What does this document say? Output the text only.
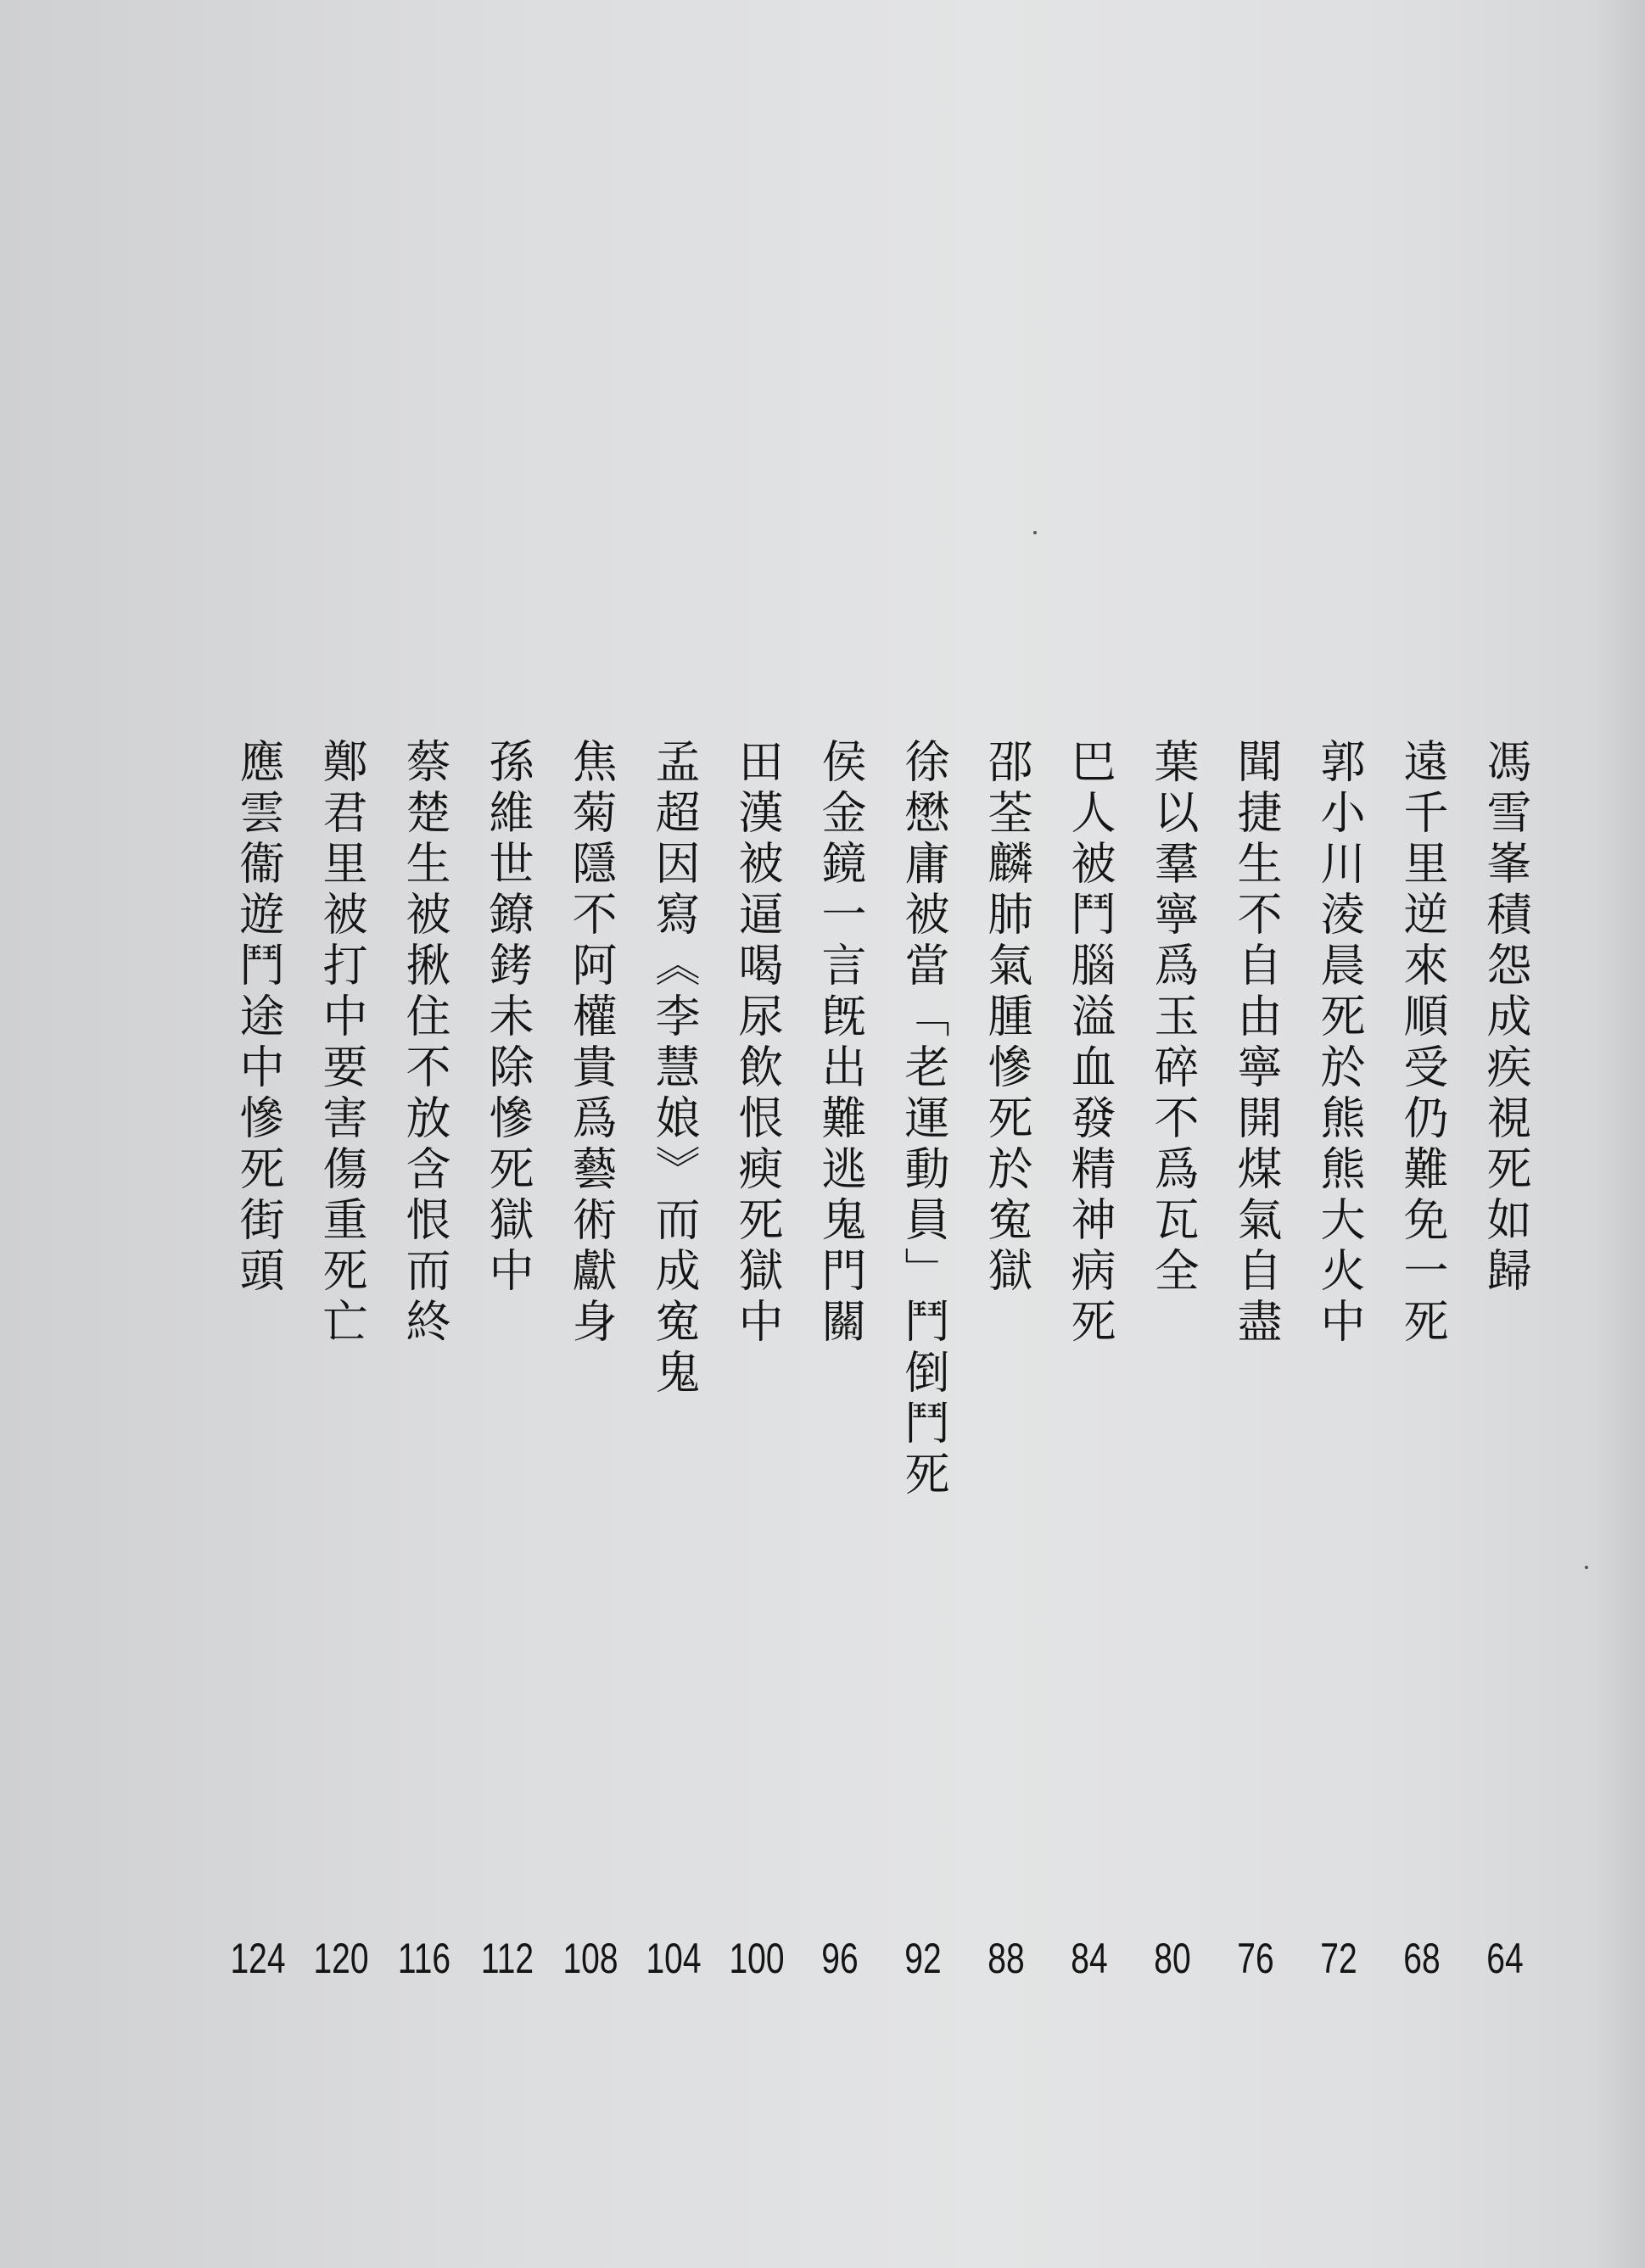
馮雪峯積怨成疾視死如歸
64
遠千里逆來順受仍難免一死
68
郭小川淩晨死於熊熊大火中
72
聞捷生不自由寧開煤氣自盡
76
葉以羣寧爲玉碎不爲瓦全
80
巴人被鬥腦溢血發精神病死
84
邵荃麟肺氣腫慘死於寃獄
88
徐懋庸被當「老運動員」鬥倒鬥死
92
侯金鏡一言旣出難逃鬼門關
96
田漢被逼喝尿飲恨瘐死獄中
100
孟超因寫《李慧娘》而成寃鬼
104
焦菊隱不阿權貴爲藝術獻身
108
孫維世鐐銬未除慘死獄中
112
蔡楚生被揪住不放含恨而終
116
鄭君里被打中要害傷重死亡
120
應雲衞遊鬥途中慘死街頭
124
